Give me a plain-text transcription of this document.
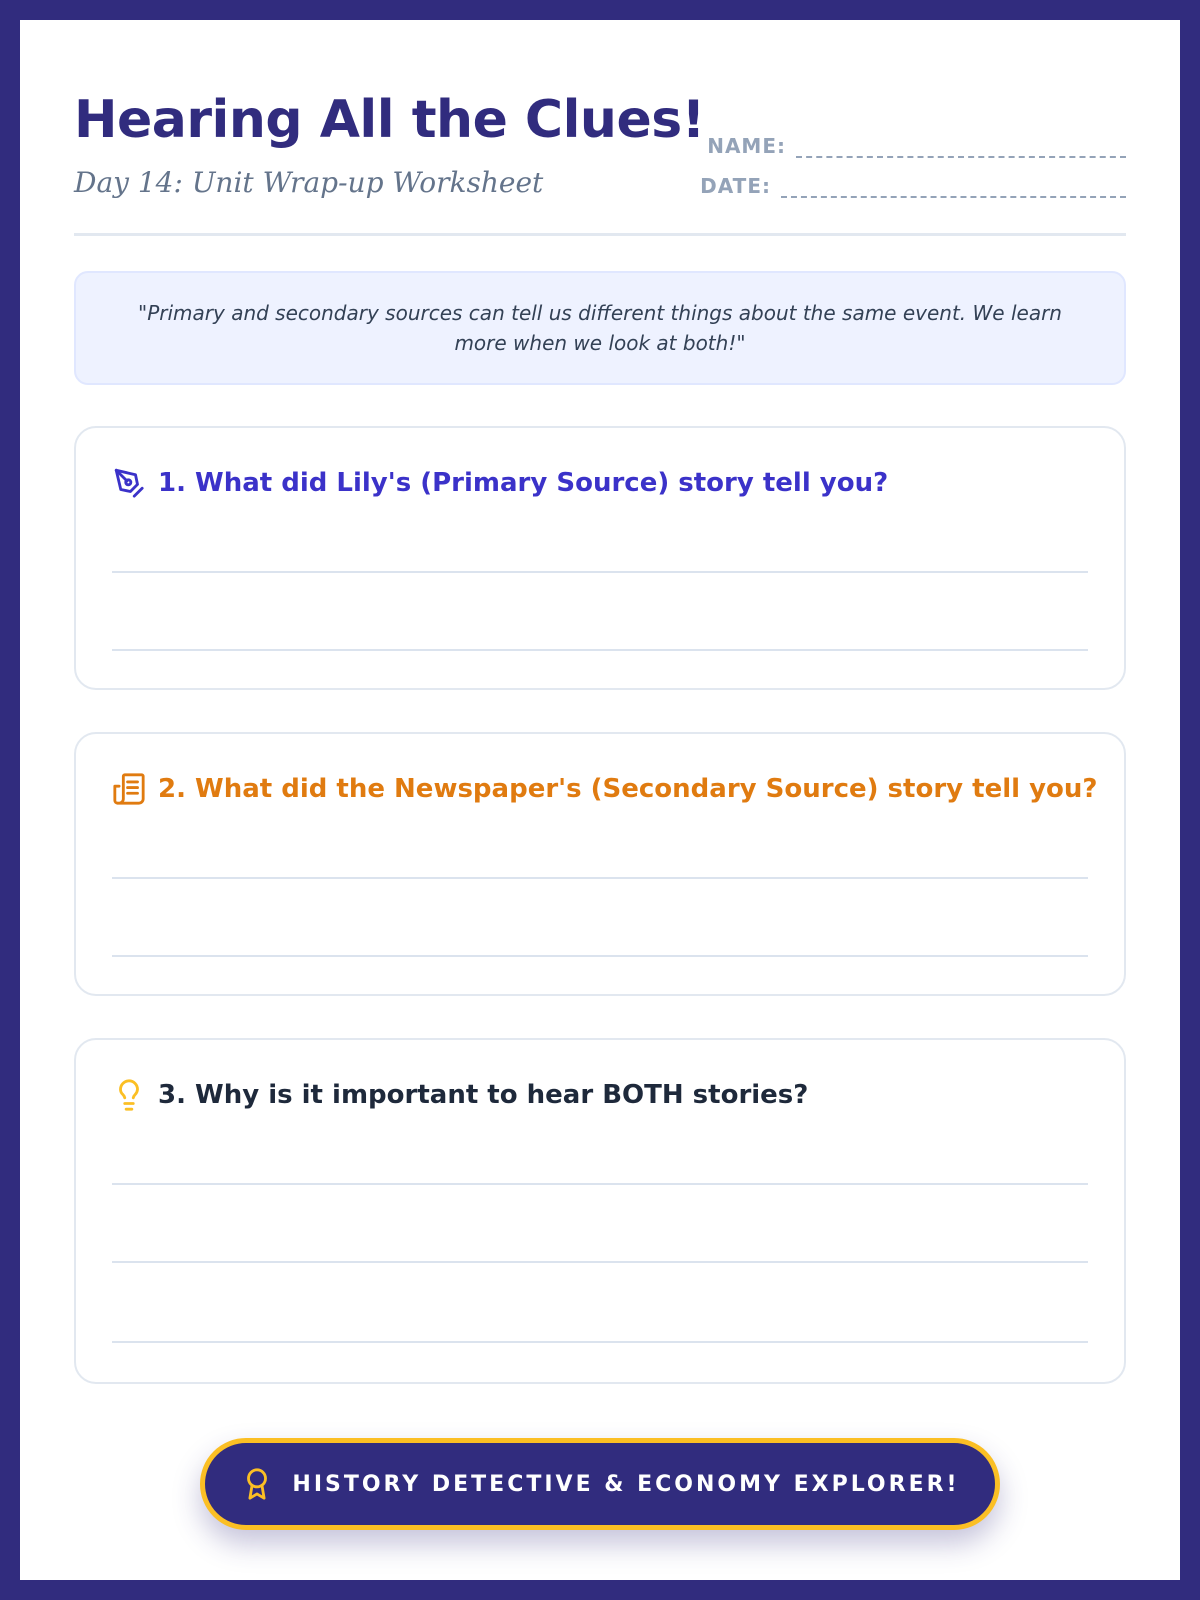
Hearing All the Clues!
Day 14: Unit Wrap-up Worksheet
NAME:
DATE:

"Primary and secondary sources can tell us different things about the same event. We learn more when we look at both!"

1. What did Lily's (Primary Source) story tell you?
2. What did the Newspaper's (Secondary Source) story tell you?
3. Why is it important to hear BOTH stories?
HISTORY DETECTIVE & ECONOMY EXPLORER!
